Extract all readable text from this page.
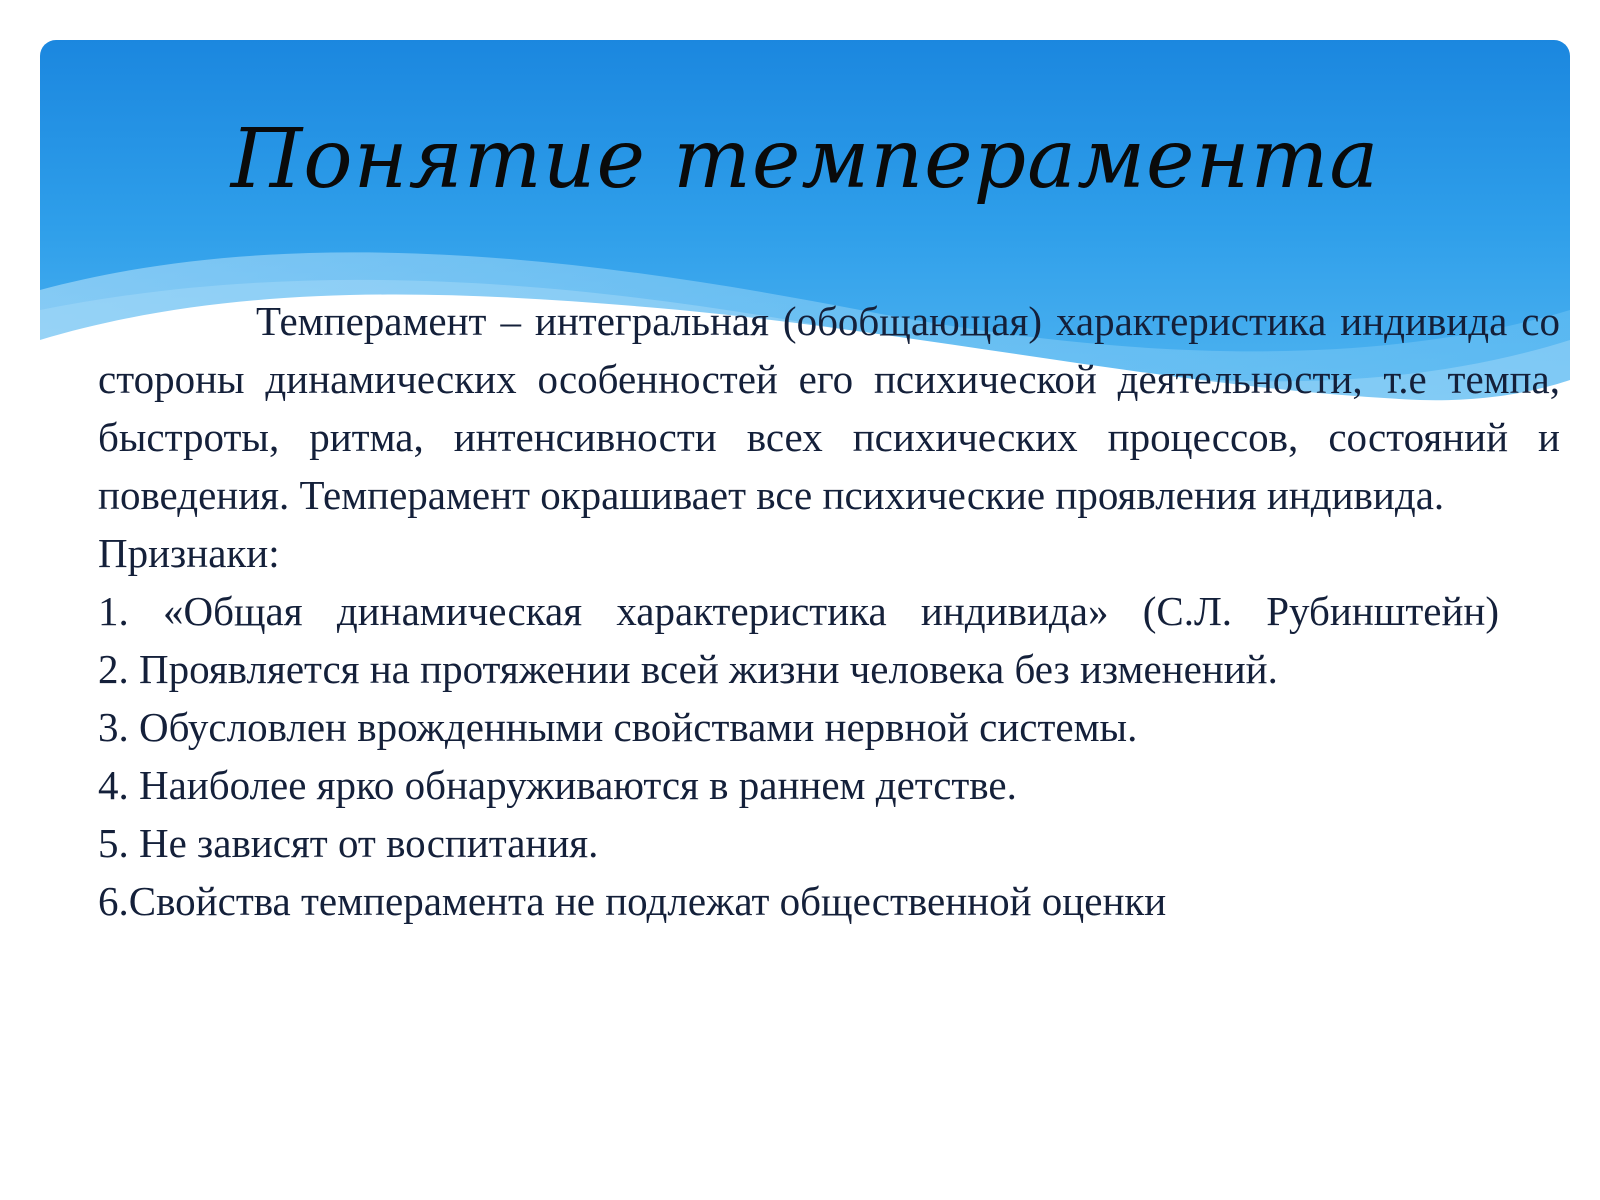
Понятие темперамента

Темперамент – интегральная (обобщающая) характеристика индивида со стороны динамических особенностей его психической деятельности, т.е темпа, быстроты, ритма, интенсивности всех психических процессов, состояний и поведения. Темперамент окрашивает все психические проявления индивида.

Признаки:

1. «Общая динамическая характеристика индивида» (С.Л. Рубинштейн)
2. Проявляется на протяжении всей жизни человека без изменений.
3. Обусловлен врожденными свойствами нервной системы.
4. Наиболее ярко обнаруживаются в раннем детстве.
5. Не зависят от воспитания.
6.Свойства темперамента не подлежат общественной оценки
